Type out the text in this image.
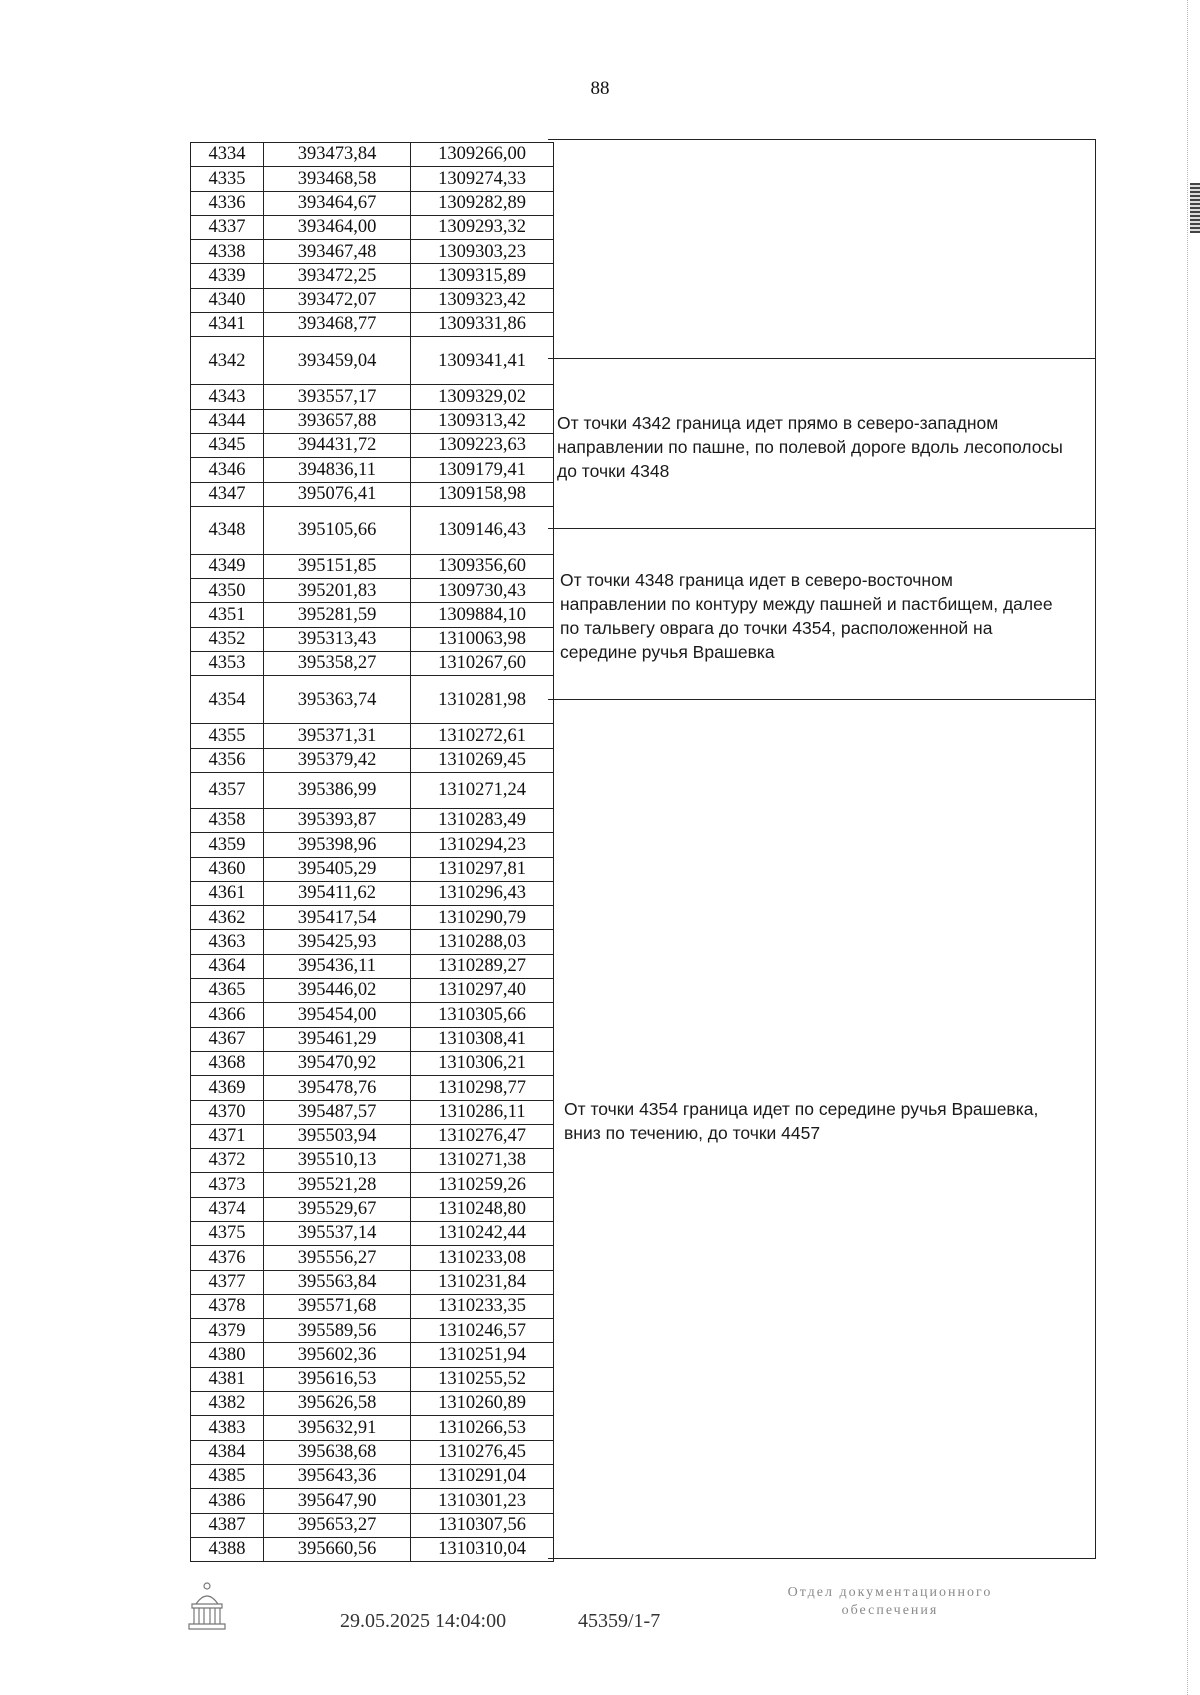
88
4334	393473,84	1309266,00
4335	393468,58	1309274,33
4336	393464,67	1309282,89
4337	393464,00	1309293,32
4338	393467,48	1309303,23
4339	393472,25	1309315,89
4340	393472,07	1309323,42
4341	393468,77	1309331,86
4342	393459,04	1309341,41
4343	393557,17	1309329,02
4344	393657,88	1309313,42
4345	394431,72	1309223,63
4346	394836,11	1309179,41
4347	395076,41	1309158,98
4348	395105,66	1309146,43
4349	395151,85	1309356,60
4350	395201,83	1309730,43
4351	395281,59	1309884,10
4352	395313,43	1310063,98
4353	395358,27	1310267,60
4354	395363,74	1310281,98
4355	395371,31	1310272,61
4356	395379,42	1310269,45
4357	395386,99	1310271,24
4358	395393,87	1310283,49
4359	395398,96	1310294,23
4360	395405,29	1310297,81
4361	395411,62	1310296,43
4362	395417,54	1310290,79
4363	395425,93	1310288,03
4364	395436,11	1310289,27
4365	395446,02	1310297,40
4366	395454,00	1310305,66
4367	395461,29	1310308,41
4368	395470,92	1310306,21
4369	395478,76	1310298,77
4370	395487,57	1310286,11
4371	395503,94	1310276,47
4372	395510,13	1310271,38
4373	395521,28	1310259,26
4374	395529,67	1310248,80
4375	395537,14	1310242,44
4376	395556,27	1310233,08
4377	395563,84	1310231,84
4378	395571,68	1310233,35
4379	395589,56	1310246,57
4380	395602,36	1310251,94
4381	395616,53	1310255,52
4382	395626,58	1310260,89
4383	395632,91	1310266,53
4384	395638,68	1310276,45
4385	395643,36	1310291,04
4386	395647,90	1310301,23
4387	395653,27	1310307,56
4388	395660,56	1310310,04
От точки 4342 граница идет прямо в северо-западном
направлении по пашне, по полевой дороге вдоль лесополосы
до точки 4348
От точки 4348 граница идет в северо-восточном
направлении по контуру между пашней и пастбищем, далее
по тальвегу оврага до точки 4354, расположенной на
середине ручья Врашевка
От точки 4354 граница идет по середине ручья Врашевка,
вниз по течению, до точки 4457
29.05.2025 14:04:00	45359/1-7
Отдел документационного
обеспечения
